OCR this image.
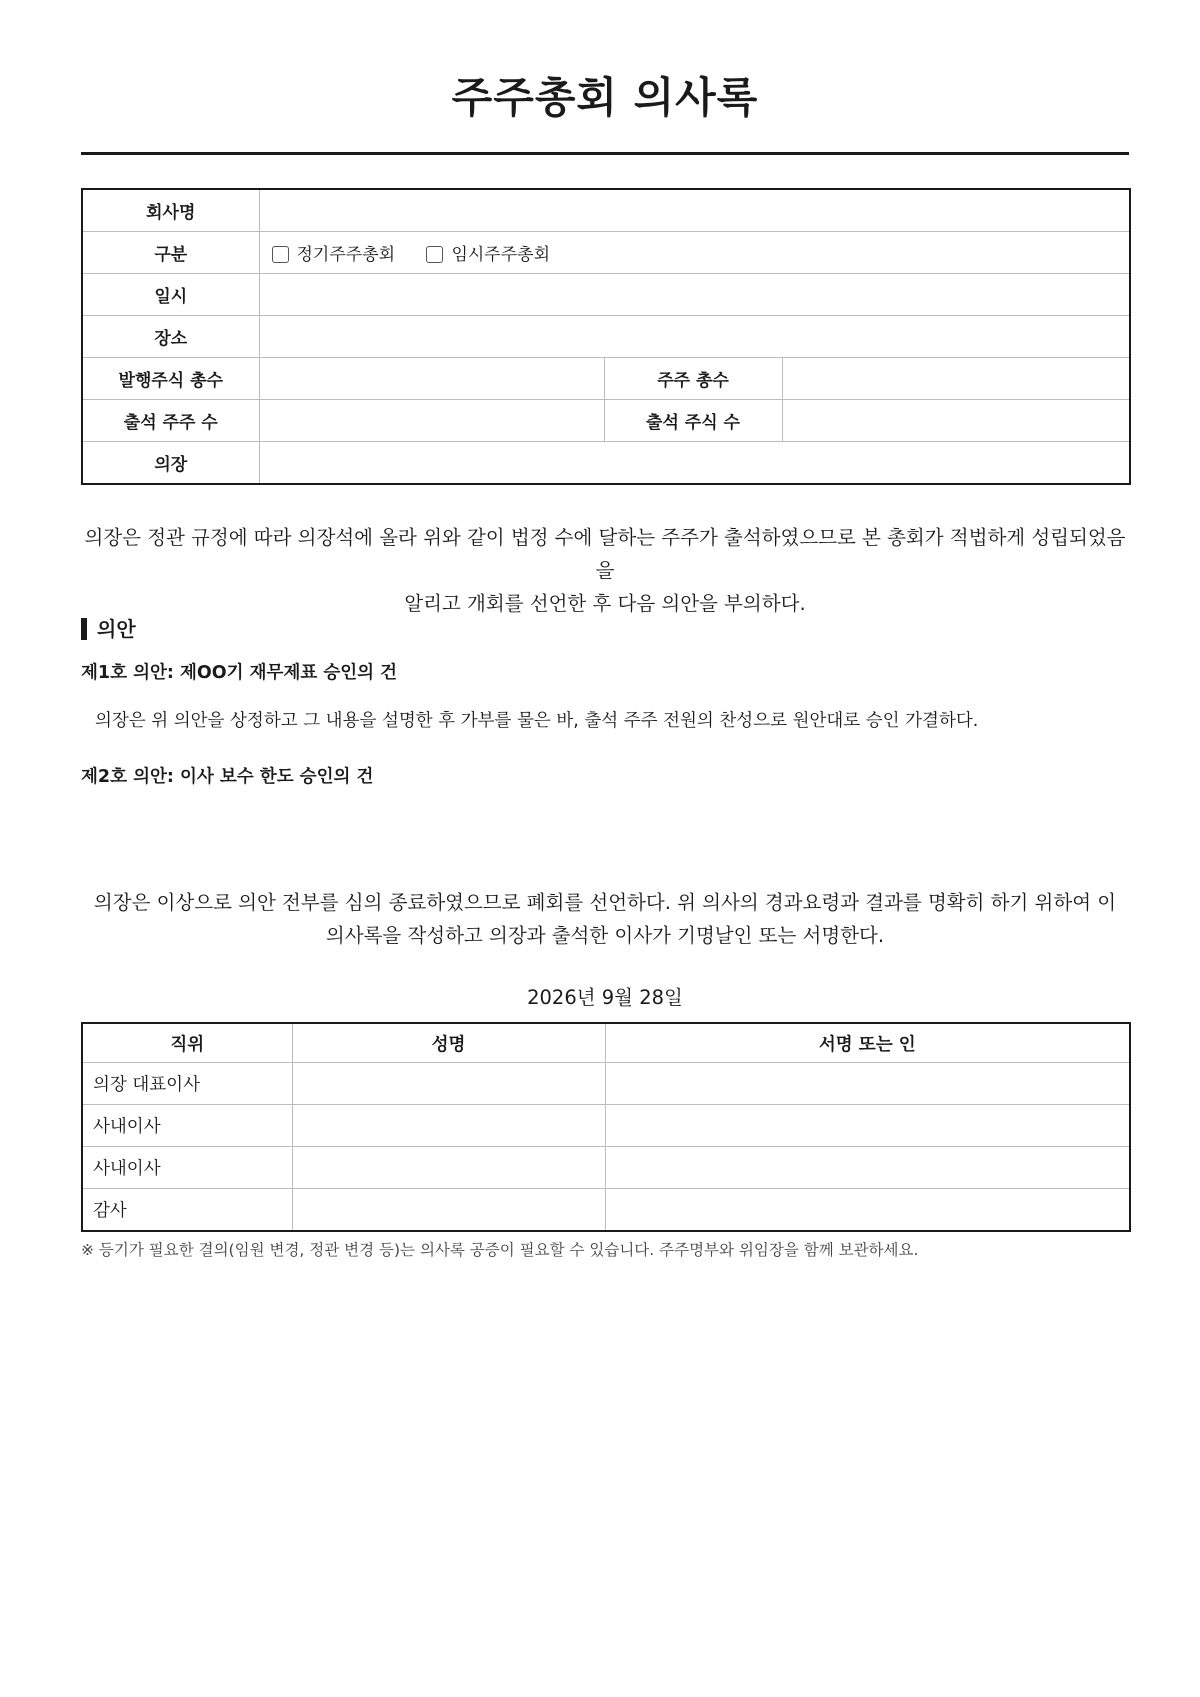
주주총회 의사록
회사명			
구분	정기주주총회 임시주주총회		
일시			
장소			
발행주식 총수		주주 총수	
출석 주주 수		출석 주식 수	
의장			
의장은 정관 규정에 따라 의장석에 올라 위와 같이 법정 수에 달하는 주주가 출석하였으므로 본 총회가 적법하게 성립되었음을
알리고 개회를 선언한 후 다음 의안을 부의하다.
의안
제1호 의안: 제OO기 재무제표 승인의 건
의장은 위 의안을 상정하고 그 내용을 설명한 후 가부를 물은 바, 출석 주주 전원의 찬성으로 원안대로 승인 가결하다.
제2호 의안: 이사 보수 한도 승인의 건
의장은 이상으로 의안 전부를 심의 종료하였으므로 폐회를 선언하다. 위 의사의 경과요령과 결과를 명확히 하기 위하여 이
의사록을 작성하고 의장과 출석한 이사가 기명날인 또는 서명한다.
2026년 9월 28일
직위	성명	서명 또는 인
의장 대표이사		
사내이사		
사내이사		
감사		
※ 등기가 필요한 결의(임원 변경, 정관 변경 등)는 의사록 공증이 필요할 수 있습니다. 주주명부와 위임장을 함께 보관하세요.
